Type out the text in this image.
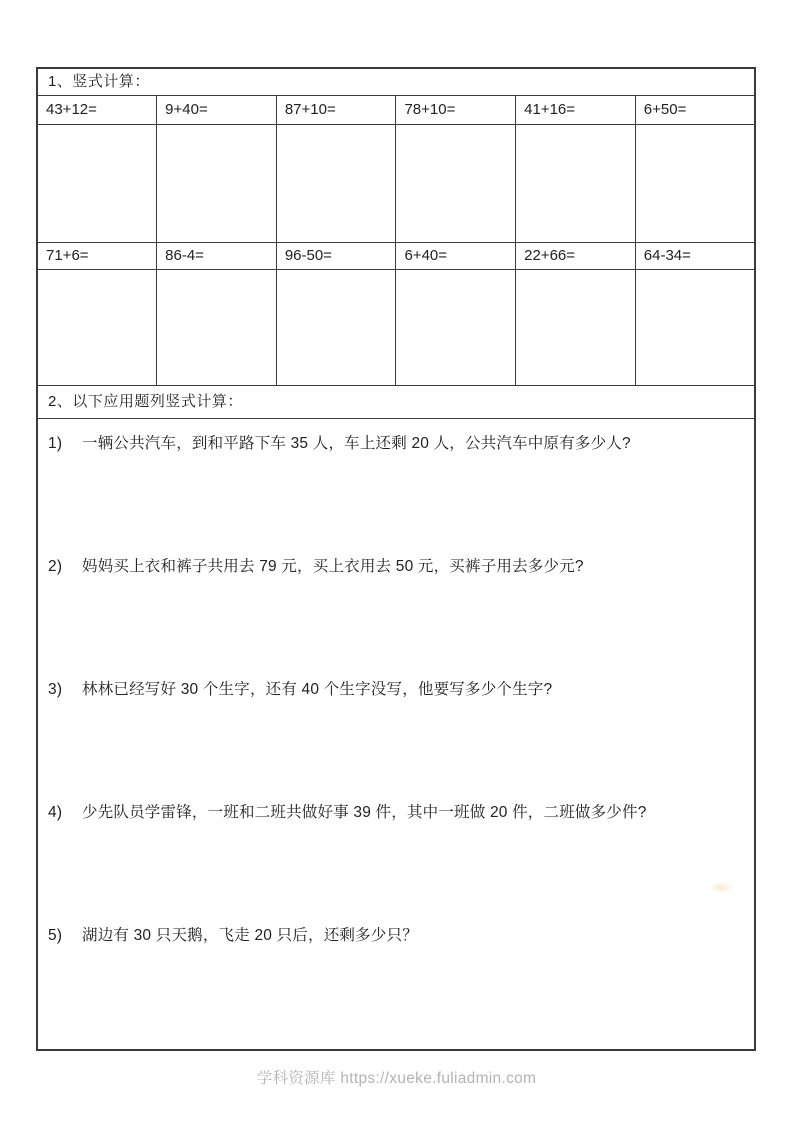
1、竖式计算：					
43+12=	9+40=	87+10=	78+10=	41+16=	6+50=

71+6=	86-4=	96-50=	6+40=	22+66=	64-34=

2、以下应用题列竖式计算：					

1)	一辆公共汽车，到和平路下车 35 人，车上还剩 20 人，公共汽车中原有多少人?
2)	妈妈买上衣和裤子共用去 79 元，买上衣用去 50 元，买裤子用去多少元?
3)	林林已经写好 30 个生字，还有 40 个生字没写，他要写多少个生字?
4)	少先队员学雷锋，一班和二班共做好事 39 件，其中一班做 20 件，二班做多少件?
5)	湖边有 30 只天鹅，飞走 20 只后，还剩多少只？
学科资源库 https://xueke.fuliadmin.com
